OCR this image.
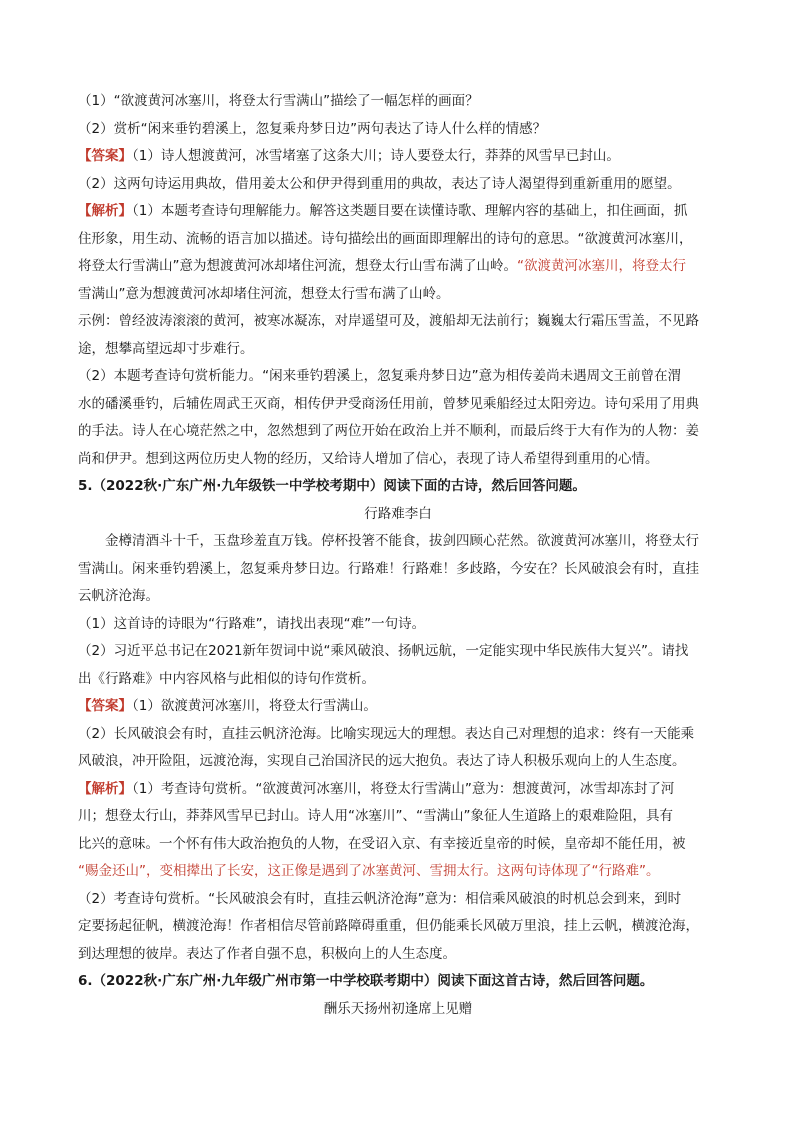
（1）“欲渡黄河冰塞川，将登太行雪满山”描绘了一幅怎样的画面？
（2）赏析“闲来垂钓碧溪上，忽复乘舟梦日边”两句表达了诗人什么样的情感？
【答案】（1）诗人想渡黄河，冰雪堵塞了这条大川；诗人要登太行，莽莽的风雪早已封山。
（2）这两句诗运用典故，借用姜太公和伊尹得到重用的典故，表达了诗人渴望得到重新重用的愿望。
【解析】（1）本题考查诗句理解能力。解答这类题目要在读懂诗歌、理解内容的基础上，扣住画面，抓
住形象，用生动、流畅的语言加以描述。诗句描绘出的画面即理解出的诗句的意思。“欲渡黄河冰塞川，
将登太行雪满山”意为想渡黄河冰却堵住河流，想登太行山雪布满了山岭。“欲渡黄河冰塞川，将登太行
雪满山”意为想渡黄河冰却堵住河流，想登太行雪布满了山岭。
示例：曾经波涛滚滚的黄河，被寒冰凝冻，对岸遥望可及，渡船却无法前行；巍巍太行霜压雪盖，不见路
途，想攀高望远却寸步难行。
（2）本题考查诗句赏析能力。“闲来垂钓碧溪上，忽复乘舟梦日边”意为相传姜尚未遇周文王前曾在渭
水的磻溪垂钓，后辅佐周武王灭商，相传伊尹受商汤任用前，曾梦见乘船经过太阳旁边。诗句采用了用典
的手法。诗人在心境茫然之中，忽然想到了两位开始在政治上并不顺利，而最后终于大有作为的人物：姜
尚和伊尹。想到这两位历史人物的经历，又给诗人增加了信心，表现了诗人希望得到重用的心情。
5.（2022秋·广东广州·九年级铁一中学校考期中）阅读下面的古诗，然后回答问题。
行路难李白
金樽清酒斗十千，玉盘珍羞直万钱。停杯投箸不能食，拔剑四顾心茫然。欲渡黄河冰塞川，将登太行
雪满山。闲来垂钓碧溪上，忽复乘舟梦日边。行路难！行路难！多歧路，今安在？长风破浪会有时，直挂
云帆济沧海。
（1）这首诗的诗眼为“行路难”，请找出表现“难”一句诗。
（2）习近平总书记在2021新年贺词中说“乘风破浪、扬帆远航，一定能实现中华民族伟大复兴”。请找
出《行路难》中内容风格与此相似的诗句作赏析。
【答案】（1）欲渡黄河冰塞川，将登太行雪满山。
（2）长风破浪会有时，直挂云帆济沧海。比喻实现远大的理想。表达自己对理想的追求：终有一天能乘
风破浪，冲开险阻，远渡沧海，实现自己治国济民的远大抱负。表达了诗人积极乐观向上的人生态度。
【解析】（1）考查诗句赏析。“欲渡黄河冰塞川，将登太行雪满山”意为：想渡黄河，冰雪却冻封了河
川；想登太行山，莽莽风雪早已封山。诗人用“冰塞川”、“雪满山”象征人生道路上的艰难险阻，具有
比兴的意味。一个怀有伟大政治抱负的人物，在受诏入京、有幸接近皇帝的时候，皇帝却不能任用，被
“赐金还山”，变相撵出了长安，这正像是遇到了冰塞黄河、雪拥太行。这两句诗体现了“行路难”。
（2）考查诗句赏析。“长风破浪会有时，直挂云帆济沧海”意为：相信乘风破浪的时机总会到来，到时
定要扬起征帆，横渡沧海！作者相信尽管前路障碍重重，但仍能乘长风破万里浪，挂上云帆，横渡沧海，
到达理想的彼岸。表达了作者自强不息，积极向上的人生态度。
6.（2022秋·广东广州·九年级广州市第一中学校联考期中）阅读下面这首古诗，然后回答问题。
酬乐天扬州初逢席上见赠
